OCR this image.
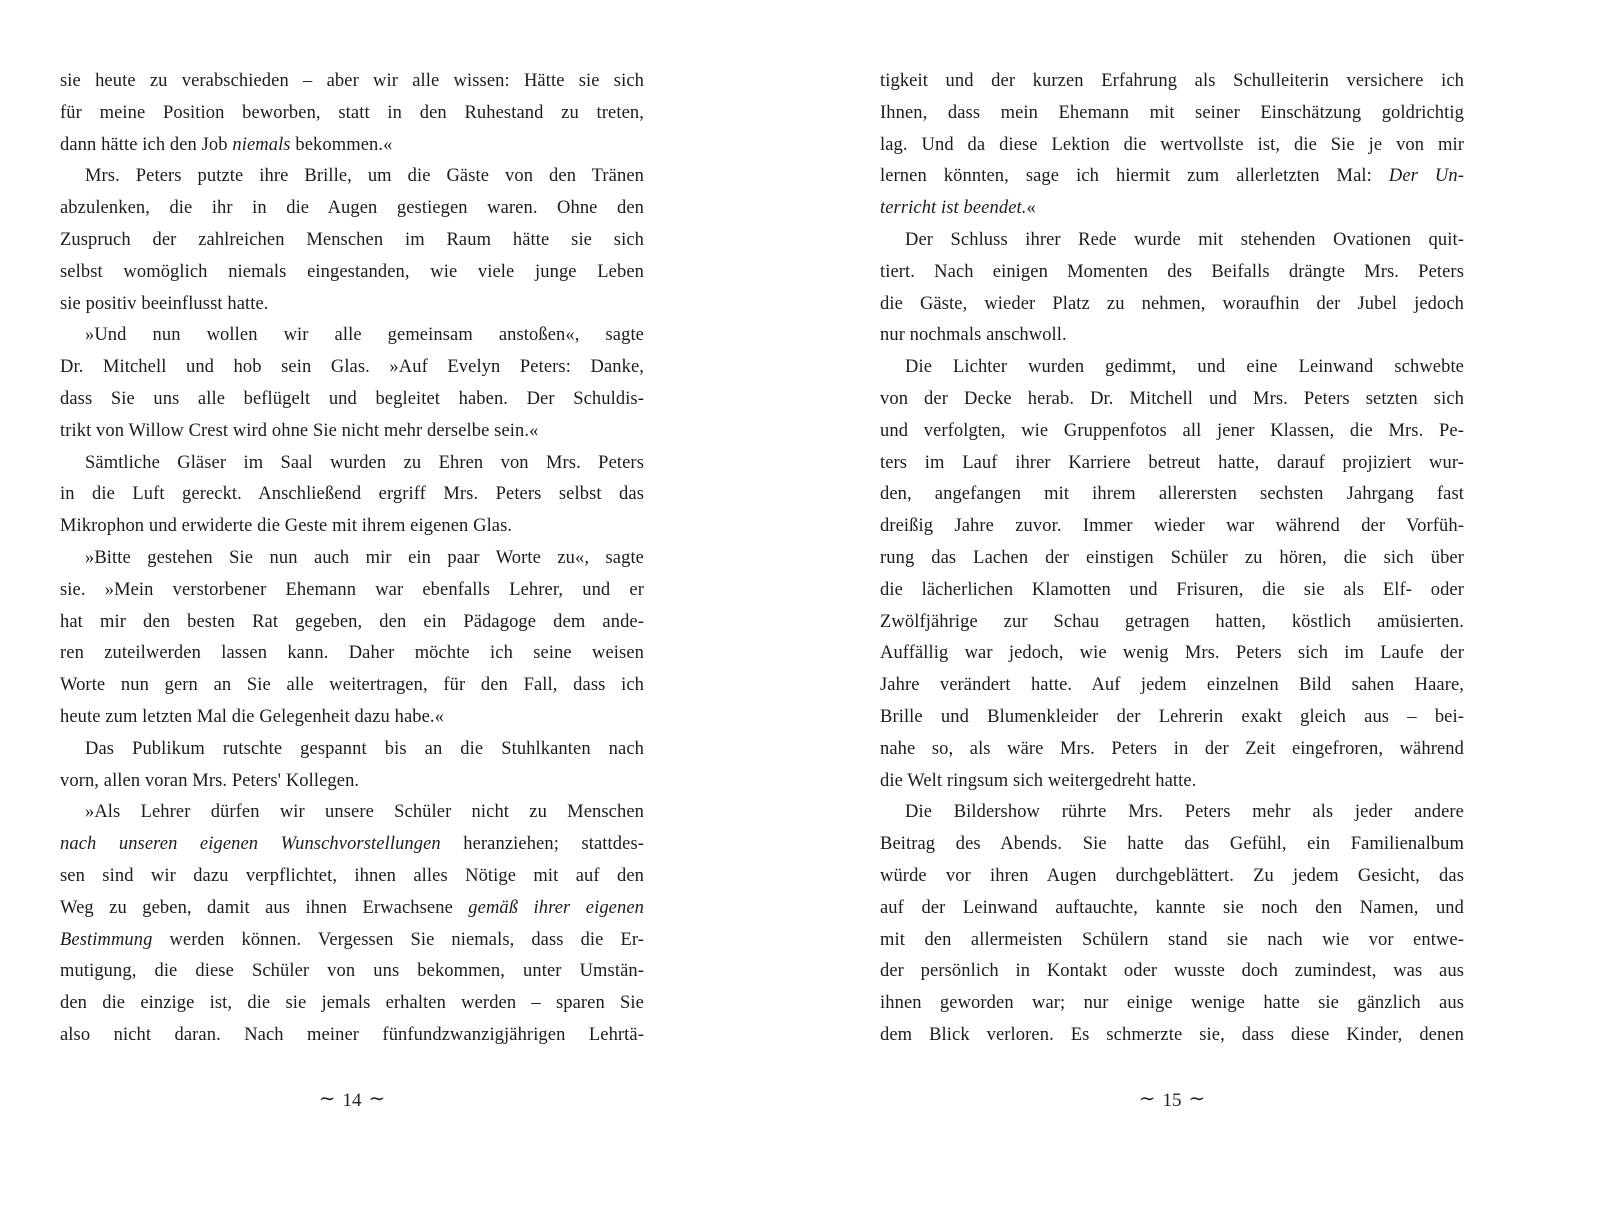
sie heute zu verabschieden – aber wir alle wissen: Hätte sie sich
für meine Position beworben, statt in den Ruhestand zu treten,
dann hätte ich den Job niemals bekommen.«
Mrs. Peters putzte ihre Brille, um die Gäste von den Tränen
abzulenken, die ihr in die Augen gestiegen waren. Ohne den
Zuspruch der zahlreichen Menschen im Raum hätte sie sich
selbst womöglich niemals eingestanden, wie viele junge Leben
sie positiv beeinflusst hatte.
»Und nun wollen wir alle gemeinsam anstoßen«, sagte
Dr. Mitchell und hob sein Glas. »Auf Evelyn Peters: Danke,
dass Sie uns alle beflügelt und begleitet haben. Der Schuldis-
trikt von Willow Crest wird ohne Sie nicht mehr derselbe sein.«
Sämtliche Gläser im Saal wurden zu Ehren von Mrs. Peters
in die Luft gereckt. Anschließend ergriff Mrs. Peters selbst das
Mikrophon und erwiderte die Geste mit ihrem eigenen Glas.
»Bitte gestehen Sie nun auch mir ein paar Worte zu«, sagte
sie. »Mein verstorbener Ehemann war ebenfalls Lehrer, und er
hat mir den besten Rat gegeben, den ein Pädagoge dem ande-
ren zuteilwerden lassen kann. Daher möchte ich seine weisen
Worte nun gern an Sie alle weitertragen, für den Fall, dass ich
heute zum letzten Mal die Gelegenheit dazu habe.«
Das Publikum rutschte gespannt bis an die Stuhlkanten nach
vorn, allen voran Mrs. Peters' Kollegen.
»Als Lehrer dürfen wir unsere Schüler nicht zu Menschen
nach unseren eigenen Wunschvorstellungen heranziehen; stattdes-
sen sind wir dazu verpflichtet, ihnen alles Nötige mit auf den
Weg zu geben, damit aus ihnen Erwachsene gemäß ihrer eigenen
Bestimmung werden können. Vergessen Sie niemals, dass die Er-
mutigung, die diese Schüler von uns bekommen, unter Umstän-
den die einzige ist, die sie jemals erhalten werden – sparen Sie
also nicht daran. Nach meiner fünfundzwanzigjährigen Lehrtä-
∼ 14 ∼
tigkeit und der kurzen Erfahrung als Schulleiterin versichere ich
Ihnen, dass mein Ehemann mit seiner Einschätzung goldrichtig
lag. Und da diese Lektion die wertvollste ist, die Sie je von mir
lernen könnten, sage ich hiermit zum allerletzten Mal: Der Un-
terricht ist beendet.«
Der Schluss ihrer Rede wurde mit stehenden Ovationen quit-
tiert. Nach einigen Momenten des Beifalls drängte Mrs. Peters
die Gäste, wieder Platz zu nehmen, woraufhin der Jubel jedoch
nur nochmals anschwoll.
Die Lichter wurden gedimmt, und eine Leinwand schwebte
von der Decke herab. Dr. Mitchell und Mrs. Peters setzten sich
und verfolgten, wie Gruppenfotos all jener Klassen, die Mrs. Pe-
ters im Lauf ihrer Karriere betreut hatte, darauf projiziert wur-
den, angefangen mit ihrem allerersten sechsten Jahrgang fast
dreißig Jahre zuvor. Immer wieder war während der Vorfüh-
rung das Lachen der einstigen Schüler zu hören, die sich über
die lächerlichen Klamotten und Frisuren, die sie als Elf- oder
Zwölfjährige zur Schau getragen hatten, köstlich amüsierten.
Auffällig war jedoch, wie wenig Mrs. Peters sich im Laufe der
Jahre verändert hatte. Auf jedem einzelnen Bild sahen Haare,
Brille und Blumenkleider der Lehrerin exakt gleich aus – bei-
nahe so, als wäre Mrs. Peters in der Zeit eingefroren, während
die Welt ringsum sich weitergedreht hatte.
Die Bildershow rührte Mrs. Peters mehr als jeder andere
Beitrag des Abends. Sie hatte das Gefühl, ein Familienalbum
würde vor ihren Augen durchgeblättert. Zu jedem Gesicht, das
auf der Leinwand auftauchte, kannte sie noch den Namen, und
mit den allermeisten Schülern stand sie nach wie vor entwe-
der persönlich in Kontakt oder wusste doch zumindest, was aus
ihnen geworden war; nur einige wenige hatte sie gänzlich aus
dem Blick verloren. Es schmerzte sie, dass diese Kinder, denen
∼ 15 ∼
